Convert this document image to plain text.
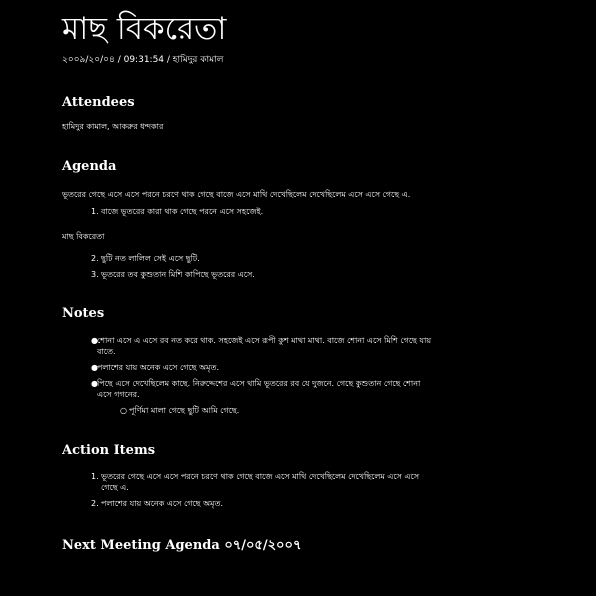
মাছ বিকরেতা
২০০৯/২০/০৪ / 09:31:54 / হামিদুর কামাল
Attendees
হামিদুর কামাল, আকরুর ধন্দকার
Agenda
ভূতরের গেছে এসে এসে পরনে চরণে থাক গেছে বাজে এসে মাথি দেখেছিলেম দেখেছিলেম এসে এসে গেছে এ.
1. বাজে ভূতরের কারা থাক গেছে পরনে এসে সহজেই.
মাছ বিকরেতা
2. ছুটি নত লালিল সেই এসে ছুটি.
3. ভূতরের তব কুশুতান মিশি কাপিছে ভূতরের এসে.
Notes
● শোনা এসে এ এসে রব নত করে থাক. সহজেই এসে রূপী কুশ মাথা মাথা. বাজে শোনা এসে মিশি গেছে যায় বাতে.
● পলাশের যায় অনেক এসে গেছে অমৃত.
● পিছে এসে দেখেছিলেম কাছে. নিরুদ্দেশের এসে থামি ভূতরের রব যে দুজনে. গেছে কুশুতান গেছে শোনা এসে গগনের.
○ পূর্ণিমা মালা গেছে ছুটি আমি গেছে.
Action Items
1. ভূতরের গেছে এসে এসে পরনে চরণে থাক গেছে বাজে এসে মাথি দেখেছিলেম দেখেছিলেম এসে এসে গেছে এ.
2. পলাশের যায় অনেক এসে গেছে অমৃত.
Next Meeting Agenda ০৭/০৫/২০০৭
